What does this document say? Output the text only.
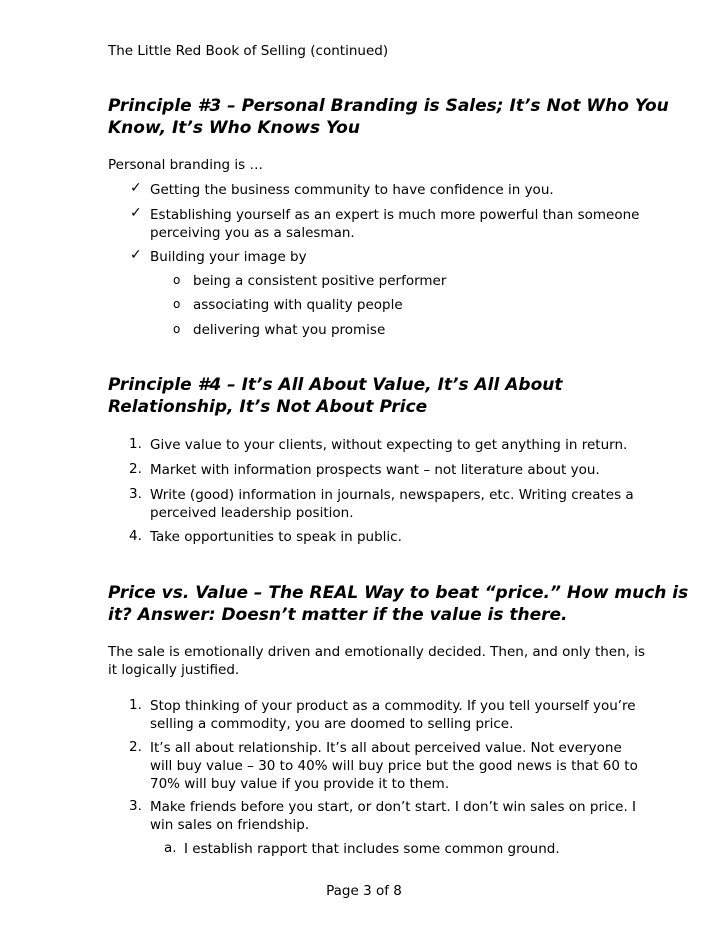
The Little Red Book of Selling (continued)
Principle #3 – Personal Branding is Sales; It’s Not Who You
Know, It’s Who Knows You
Personal branding is …
✓ Getting the business community to have confidence in you.
✓ Establishing yourself as an expert is much more powerful than someone
perceiving you as a salesman.
✓ Building your image by
o being a consistent positive performer
o associating with quality people
o delivering what you promise
Principle #4 – It’s All About Value, It’s All About
Relationship, It’s Not About Price
1. Give value to your clients, without expecting to get anything in return.
2. Market with information prospects want – not literature about you.
3. Write (good) information in journals, newspapers, etc. Writing creates a
perceived leadership position.
4. Take opportunities to speak in public.
Price vs. Value – The REAL Way to beat “price.” How much is
it? Answer: Doesn’t matter if the value is there.
The sale is emotionally driven and emotionally decided. Then, and only then, is
it logically justified.
1. Stop thinking of your product as a commodity. If you tell yourself you’re
selling a commodity, you are doomed to selling price.
2. It’s all about relationship. It’s all about perceived value. Not everyone
will buy value – 30 to 40% will buy price but the good news is that 60 to
70% will buy value if you provide it to them.
3. Make friends before you start, or don’t start. I don’t win sales on price. I
win sales on friendship.
a. I establish rapport that includes some common ground.
Page 3 of 8
